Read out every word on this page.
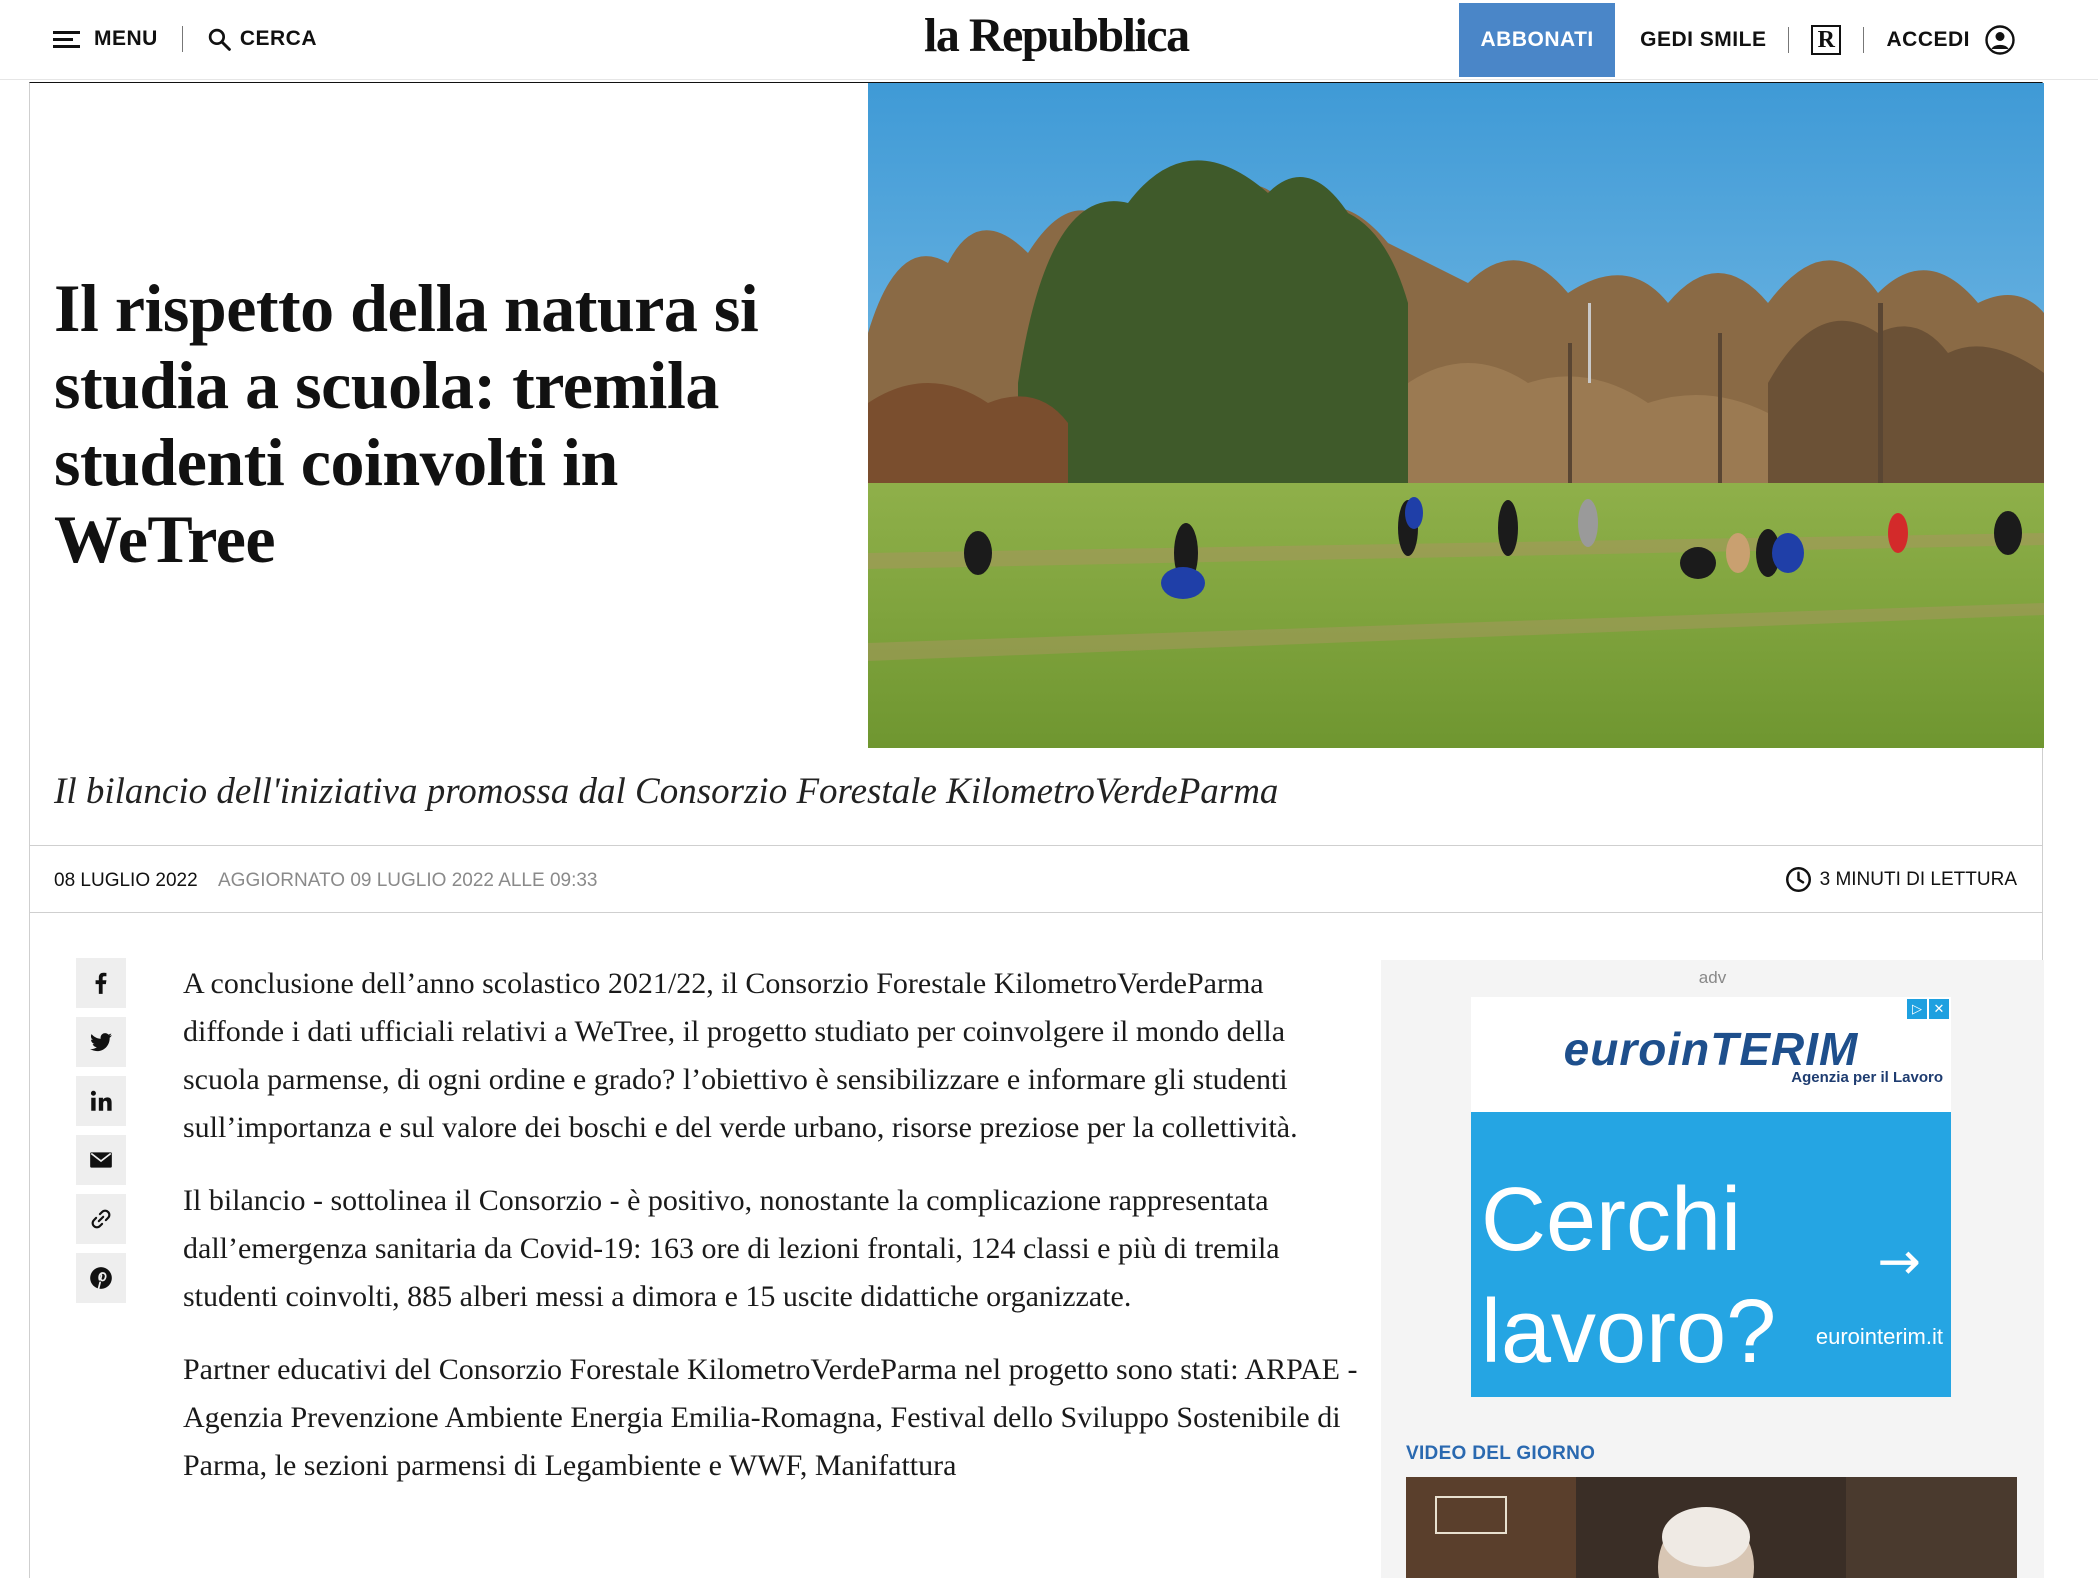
MENU	CERCA	la Repubblica	ABBONATI	GEDI SMILE R ACCEDI
Il rispetto della natura si studia a scuola: tremila studenti coinvolti in WeTree
Il bilancio dell'iniziativa promossa dal Consorzio Forestale KilometroVerdeParma
08 LUGLIO 2022 AGGIORNATO 09 LUGLIO 2022 ALLE 09:33	3 MINUTI DI LETTURA

A conclusione dell’anno scolastico 2021/22, il Consorzio Forestale KilometroVerdeParma diffonde i dati ufficiali relativi a WeTree, il progetto studiato per coinvolgere il mondo della scuola parmense, di ogni ordine e grado? l’obiettivo è sensibilizzare e informare gli studenti sull’importanza e sul valore dei boschi e del verde urbano, risorse preziose per la collettività.

Il bilancio - sottolinea il Consorzio - è positivo, nonostante la complicazione rappresentata dall’emergenza sanitaria da Covid-19: 163 ore di lezioni frontali, 124 classi e più di tremila studenti coinvolti, 885 alberi messi a dimora e 15 uscite didattiche organizzate.

Partner educativi del Consorzio Forestale KilometroVerdeParma nel progetto sono stati: ARPAE - Agenzia Prevenzione Ambiente Energia Emilia-Romagna, Festival dello Sviluppo Sostenibile di Parma, le sezioni parmensi di Legambiente e WWF, Manifattura

adv
euroinTERIM
Agenzia per il Lavoro
▷ ✕
Cerchi lavoro?
→
eurointerim.it
VIDEO DEL GIORNO
